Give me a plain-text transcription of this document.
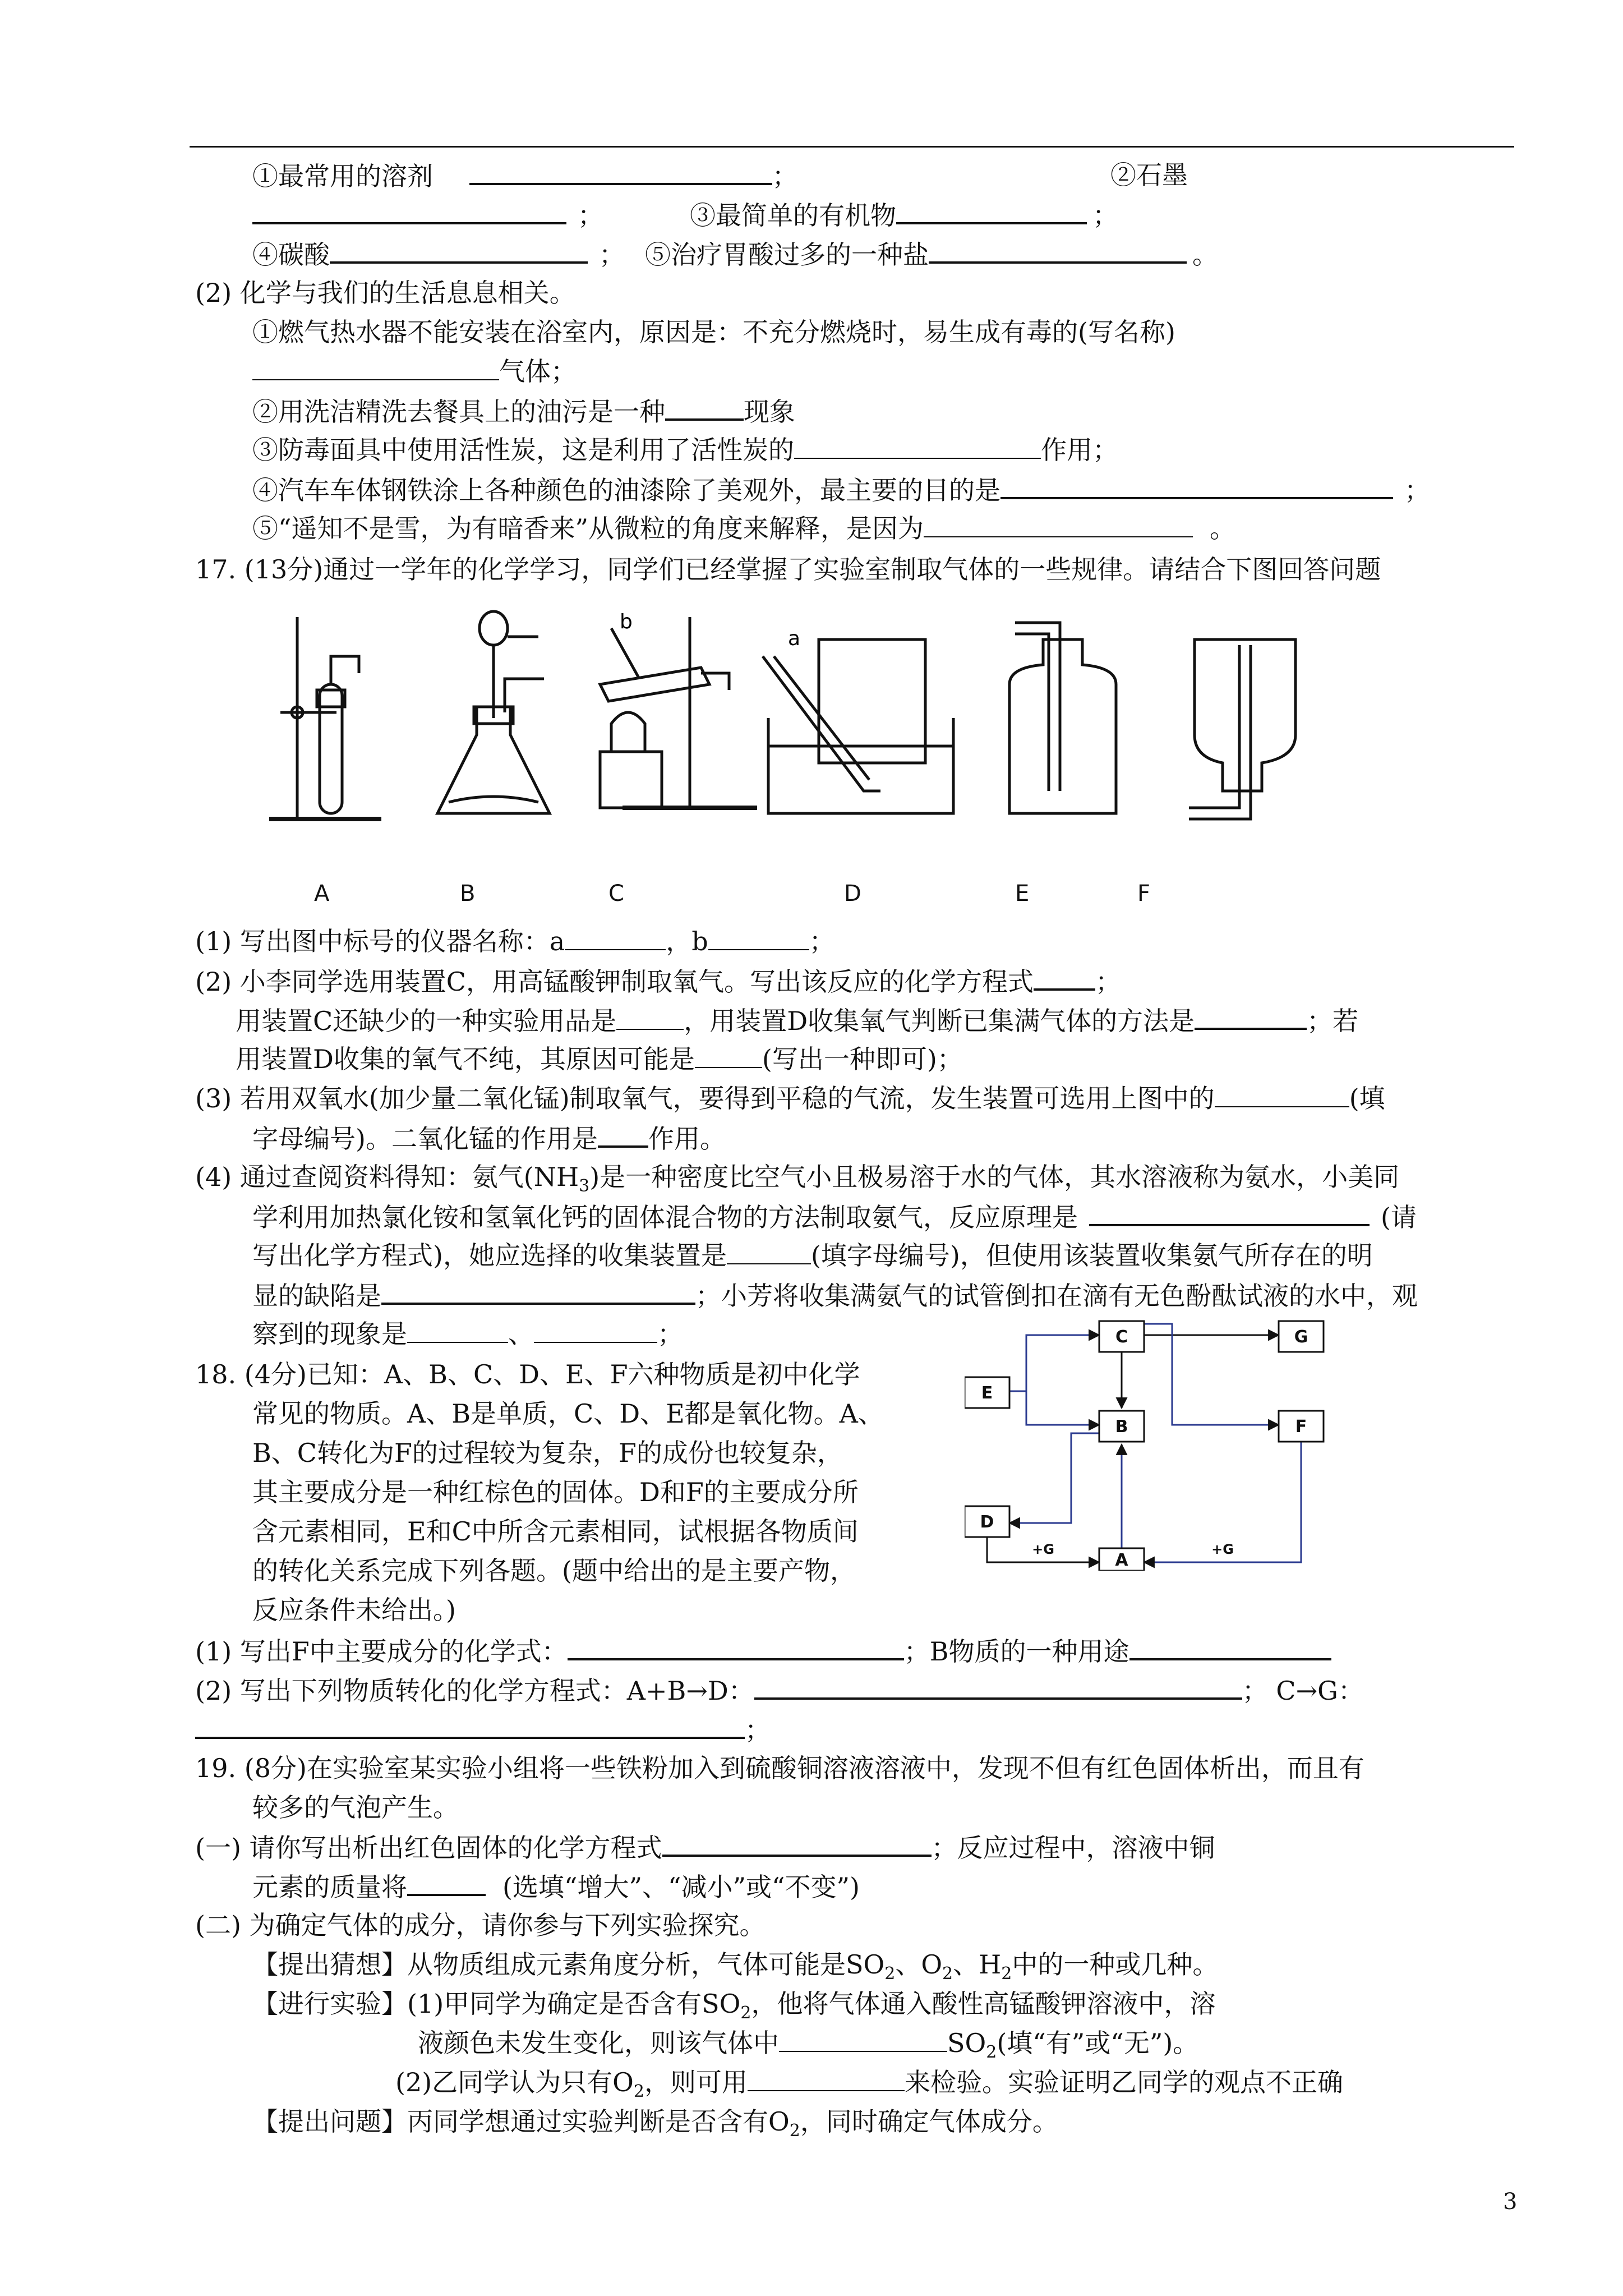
①最常用的溶剂	；	②石墨
；	③最简单的有机物	；
④碳酸	； ⑤治疗胃酸过多的一种盐	。
(2) 化学与我们的生活息息相关。
①燃气热水器不能安装在浴室内，原因是：不充分燃烧时，易生成有毒的(写名称)
气体；
②用洗洁精洗去餐具上的油污是一种	现象
③防毒面具中使用活性炭，这是利用了活性炭的	作用；
④汽车车体钢铁涂上各种颜色的油漆除了美观外，最主要的目的是	；
⑤“遥知不是雪，为有暗香来”从微粒的角度来解释，是因为	。
17. (13分)通过一学年的化学学习，同学们已经掌握了实验室制取气体的一些规律。请结合下图回答问题
a
b
A	B	C	D	E	F
(1) 写出图中标号的仪器名称：a	，b	；
(2) 小李同学选用装置C，用高锰酸钾制取氧气。写出该反应的化学方程式 ；
用装置C还缺少的一种实验用品是	，用装置D收集氧气判断已集满气体的方法是	；若
用装置D收集的氧气不纯，其原因可能是	(写出一种即可)；
(3) 若用双氧水(加少量二氧化锰)制取氧气，要得到平稳的气流，发生装置可选用上图中的	(填
字母编号)。二氧化锰的作用是 作用。
(4) 通过查阅资料得知：氨气$(NH_3)$是一种密度比空气小且极易溶于水的气体，其水溶液称为氨水，小美同
学利用加热氯化铵和氢氧化钙的固体混合物的方法制取氨气，反应原理是	(请
写出化学方程式)，她应选择的收集装置是	(填字母编号)，但使用该装置收集氨气所存在的明
显的缺陷是	；小芳将收集满氨气的试管倒扣在滴有无色酚酞试液的水中，观
察到的现象是	、	；
18. (4分)已知：A、B、C、D、E、F六种物质是初中化学
常见的物质。A、B是单质，C、D、E都是氧化物。A、
B、C转化为F的过程较为复杂，F的成份也较复杂，
其主要成分是一种红棕色的固体。D和F的主要成分所
含元素相同，E和C中所含元素相同，试根据各物质间
的转化关系完成下列各题。(题中给出的是主要产物，
反应条件未给出。)
C	G
E
B	F
D
A
+G	+G
(1) 写出F中主要成分的化学式：	；B物质的一种用途
(2) 写出下列物质转化的化学方程式：A+B→D：	； C→G：
；
19. (8分)在实验室某实验小组将一些铁粉加入到硫酸铜溶液溶液中，发现不但有红色固体析出，而且有
较多的气泡产生。
(一) 请你写出析出红色固体的化学方程式	；反应过程中，溶液中铜
元素的质量将	(选填“增大”、“减小”或“不变”)
(二) 为确定气体的成分，请你参与下列实验探究。
【提出猜想】从物质组成元素角度分析，气体可能是$SO_2$、$O_2$、$H_2$中的一种或几种。
【进行实验】(1)甲同学为确定是否含有$SO_2$，他将气体通入酸性高锰酸钾溶液中，溶
液颜色未发生变化，则该气体中	$SO_2$(填“有”或“无”)。
(2)乙同学认为只有$O_2$，则可用	来检验。实验证明乙同学的观点不正确
【提出问题】丙同学想通过实验判断是否含有$O_2$，同时确定气体成分。
3
